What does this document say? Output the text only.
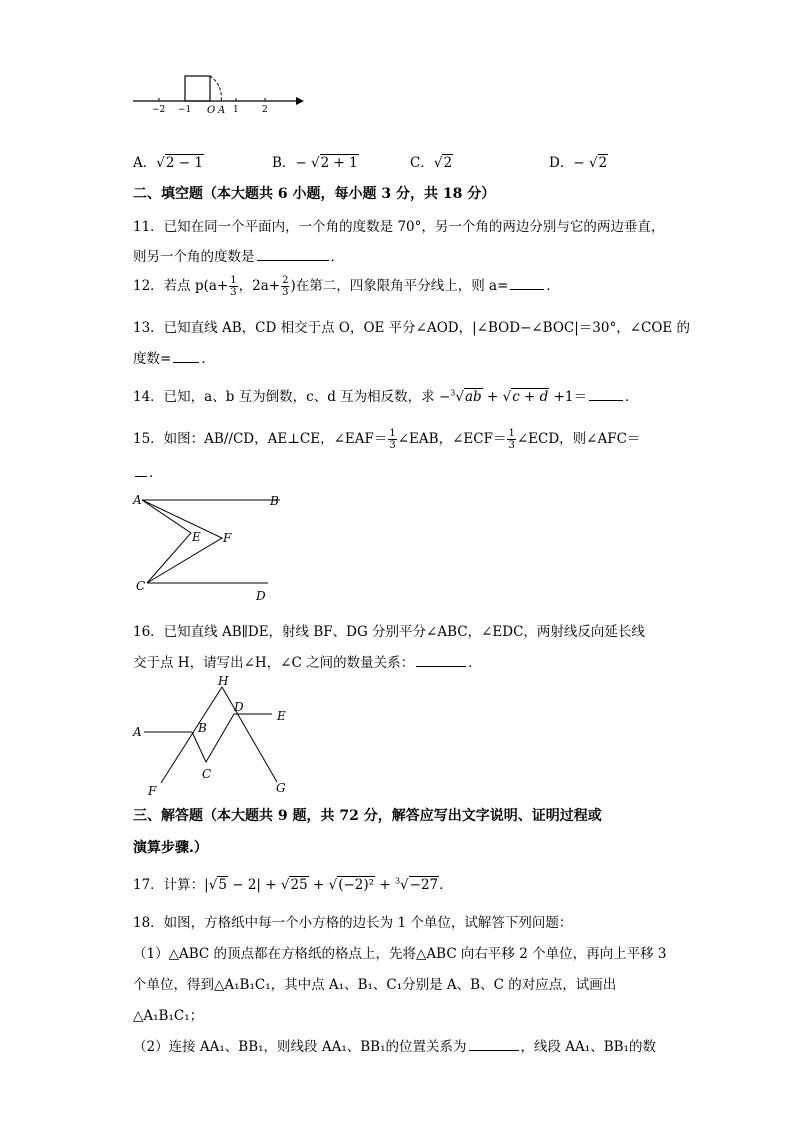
−2 −1 O A 1	2
A．√2 − 1	B．− √2 + 1	C．√2	D．− √2
二、填空题（本大题共 6 小题，每小题 3 分，共 18 分）
11．已知在同一个平面内，一个角的度数是 70°，另一个角的两边分别与它的两边垂直，
则另一个角的度数是	．
12．若点 $p(a+ \frac{1}{3}$ ，$2a+ \frac{2}{3}$ )在第二，四象限角平分线上，则 a=	．
13．已知直线 AB，CD 相交于点 O，OE 平分∠AOD，|∠BOD−∠BOC|＝30°，∠COE 的
度数= ．
14．已知，a、b 互为倒数，c、d 互为相反数，求 −$^3$√ab + √c + d +1＝	．
15．如图：AB//CD，AE⊥CE，∠EAF＝ $\frac{1}{3}$ ∠EAB，∠ECF＝ $\frac{1}{3}$ ∠ECD，则∠AFC＝
．
A	B
E F
C
D
16．已知直线 AB∥DE，射线 BF、DG 分别平分∠ABC，∠EDC，两射线反向延长线
交于点 H，请写出∠H，∠C 之间的数量关系：	．
H
A	B
D
E
C
F	G
三、解答题（本大题共 9 题，共 72 分，解答应写出文字说明、证明过程或
演算步骤.）
17．计算：|√5 − 2| + √25 + √(−2)² + $^3$√−27．
18．如图，方格纸中每一个小方格的边长为 1 个单位，试解答下列问题：
（1）△ABC 的顶点都在方格纸的格点上，先将△ABC 向右平移 2 个单位，再向上平移 3
个单位，得到△A₁B₁C₁，其中点 A₁、B₁、C₁分别是 A、B、C 的对应点，试画出
△A₁B₁C₁；
（2）连接 AA₁、BB₁，则线段 AA₁、BB₁的位置关系为	，线段 AA₁、BB₁的数
